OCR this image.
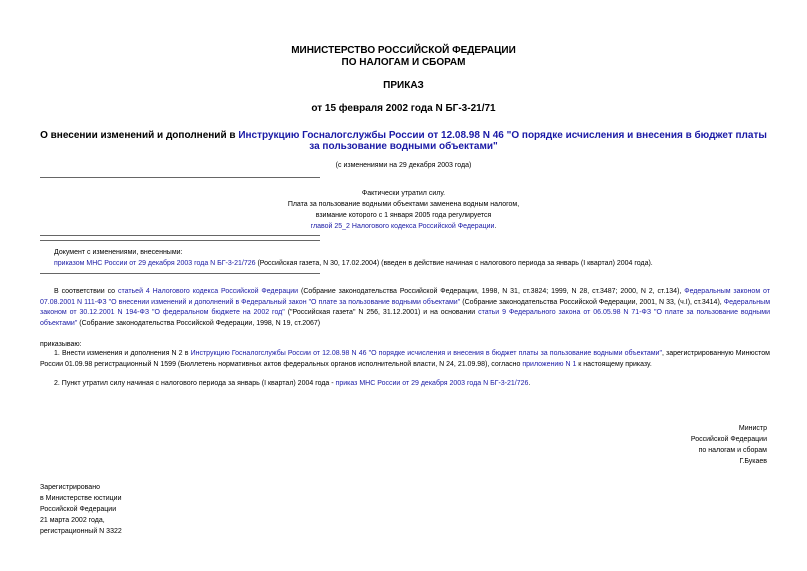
МИНИСТЕРСТВО РОССИЙСКОЙ ФЕДЕРАЦИИ
ПО НАЛОГАМ И СБОРАМ
ПРИКАЗ
от 15 февраля 2002 года N БГ-3-21/71
О внесении изменений и дополнений в Инструкцию Госналогслужбы России от 12.08.98 N 46 "О порядке исчисления и внесения в бюджет платы за пользование водными объектами"
(с изменениями на 29 декабря 2003 года)
Фактически утратил силу.
Плата за пользование водными объектами заменена водным налогом,
взимание которого с 1 января 2005 года регулируется
главой 25_2 Налогового кодекса Российской Федерации.
Документ с изменениями, внесенными:
приказом МНС России от 29 декабря 2003 года N БГ-3-21/726 (Российская газета, N 30, 17.02.2004) (введен в действие начиная с налогового периода за январь (I квартал) 2004 года).

В соответствии со статьей 4 Налогового кодекса Российской Федерации (Собрание законодательства Российской Федерации, 1998, N 31, ст.3824; 1999, N 28, ст.3487; 2000, N 2, ст.134), Федеральным законом от 07.08.2001 N 111-ФЗ "О внесении изменений и дополнений в Федеральный закон "О плате за пользование водными объектами" (Собрание законодательства Российской Федерации, 2001, N 33, (ч.I), ст.3414), Федеральным законом от 30.12.2001 N 194-ФЗ "О федеральном бюджете на 2002 год" ("Российская газета" N 256, 31.12.2001) и на основании статьи 9 Федерального закона от 06.05.98 N 71-ФЗ "О плате за пользование водными объектами" (Собрание законодательства Российской Федерации, 1998, N 19, ст.2067)

приказываю:

1. Внести изменения и дополнения N 2 в Инструкцию Госналогслужбы России от 12.08.98 N 46 "О порядке исчисления и внесения в бюджет платы за пользование водными объектами", зарегистрированную Минюстом России 01.09.98 регистрационный N 1599 (Бюллетень нормативных актов федеральных органов исполнительной власти, N 24, 21.09.98), согласно приложению N 1 к настоящему приказу.

2. Пункт утратил силу начиная с налогового периода за январь (I квартал) 2004 года - приказ МНС России от 29 декабря 2003 года N БГ-3-21/726.

Министр
Российской Федерации
по налогам и сборам
Г.Букаев
Зарегистрировано
в Министерстве юстиции
Российской Федерации
21 марта 2002 года,
регистрационный N 3322
